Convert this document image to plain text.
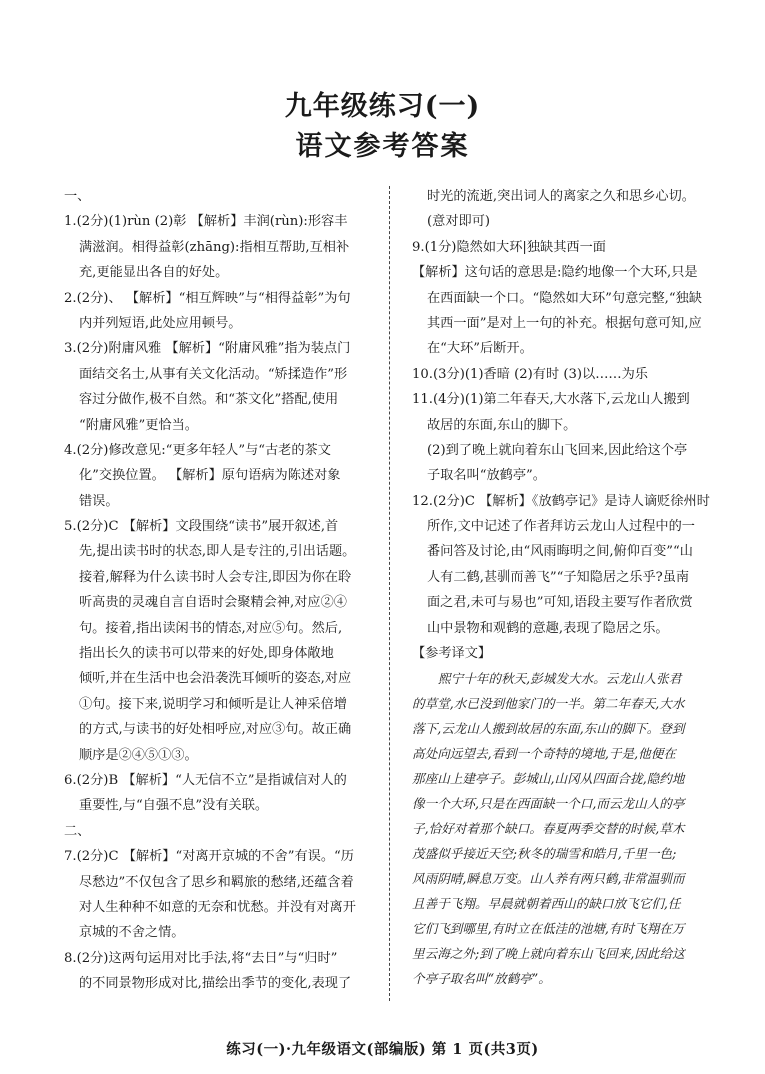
九年级练习(一)
语文参考答案
一、
1.(2分)(1)rùn (2)彰 【解析】丰润(rùn):形容丰
满滋润。相得益彰(zhāng):指相互帮助,互相补
充,更能显出各自的好处。
2.(2分)、 【解析】“相互辉映”与“相得益彰”为句
内并列短语,此处应用顿号。
3.(2分)附庸风雅 【解析】“附庸风雅”指为装点门
面结交名士,从事有关文化活动。“矫揉造作”形
容过分做作,极不自然。和“茶文化”搭配,使用
“附庸风雅”更恰当。
4.(2分)修改意见:“更多年轻人”与“古老的茶文
化”交换位置。 【解析】原句语病为陈述对象
错误。
5.(2分)C 【解析】文段围绕“读书”展开叙述,首
先,提出读书时的状态,即人是专注的,引出话题。
接着,解释为什么读书时人会专注,即因为你在聆
听高贵的灵魂自言自语时会聚精会神,对应②④
句。接着,指出读闲书的情态,对应⑤句。然后,
指出长久的读书可以带来的好处,即身体敞地
倾听,并在生活中也会沿袭洗耳倾听的姿态,对应
①句。接下来,说明学习和倾听是让人神采倍增
的方式,与读书的好处相呼应,对应③句。故正确
顺序是②④⑤①③。
6.(2分)B 【解析】“人无信不立”是指诚信对人的
重要性,与“自强不息”没有关联。
二、
7.(2分)C 【解析】“对离开京城的不舍”有误。“历
尽愁边”不仅包含了思乡和羁旅的愁绪,还蕴含着
对人生种种不如意的无奈和忧愁。并没有对离开
京城的不舍之情。
8.(2分)这两句运用对比手法,将“去日”与“归时”
的不同景物形成对比,描绘出季节的变化,表现了
时光的流逝,突出词人的离家之久和思乡心切。
(意对即可)
9.(1分)隐然如大环|独缺其西一面
【解析】这句话的意思是:隐约地像一个大环,只是
在西面缺一个口。“隐然如大环”句意完整,“独缺
其西一面”是对上一句的补充。根据句意可知,应
在“大环”后断开。
10.(3分)(1)香暗 (2)有时 (3)以……为乐
11.(4分)(1)第二年春天,大水落下,云龙山人搬到
故居的东面,东山的脚下。
(2)到了晚上就向着东山飞回来,因此给这个亭
子取名叫“放鹤亭”。
12.(2分)C 【解析】《放鹤亭记》是诗人谪贬徐州时
所作,文中记述了作者拜访云龙山人过程中的一
番问答及讨论,由“风雨晦明之间,俯仰百变”“山
人有二鹤,甚驯而善飞”“子知隐居之乐乎?虽南
面之君,未可与易也”可知,语段主要写作者欣赏
山中景物和观鹤的意趣,表现了隐居之乐。
【参考译文】
熙宁十年的秋天,彭城发大水。云龙山人张君
的草堂,水已没到他家门的一半。第二年春天,大水
落下,云龙山人搬到故居的东面,东山的脚下。登到
高处向远望去,看到一个奇特的境地,于是,他便在
那座山上建亭子。彭城山,山冈从四面合拢,隐约地
像一个大环,只是在西面缺一个口,而云龙山人的亭
子,恰好对着那个缺口。春夏两季交替的时候,草木
茂盛似乎接近天空;秋冬的瑞雪和皓月,千里一色;
风雨阴晴,瞬息万变。山人养有两只鹤,非常温驯而
且善于飞翔。早晨就朝着西山的缺口放飞它们,任
它们飞到哪里,有时立在低洼的池塘,有时飞翔在万
里云海之外;到了晚上就向着东山飞回来,因此给这
个亭子取名叫“放鹤亭”。
练习(一)·九年级语文(部编版) 第 1 页(共3页)
